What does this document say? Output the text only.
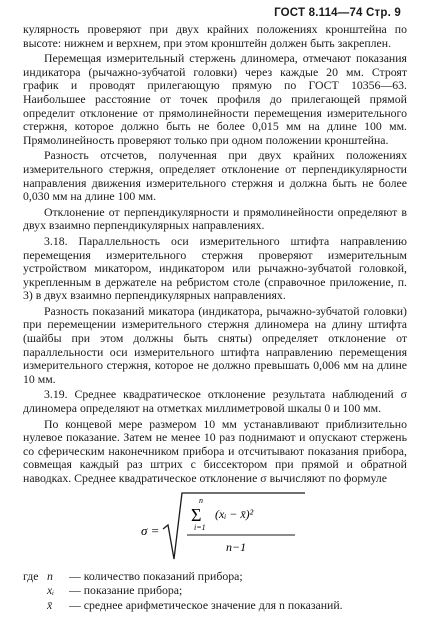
ГОСТ 8.114—74 Стр. 9

кулярность проверяют при двух крайних положениях кронштейна по высоте: нижнем и верхнем, при этом кронштейн должен быть закреплен.

Перемещая измерительный стержень длиномера, отмечают показания индикатора (рычажно-зубчатой головки) через каждые 20 мм. Строят график и проводят прилегающую прямую по ГОСТ 10356—63. Наибольшее расстояние от точек профиля до прилегающей прямой определит отклонение от прямолинейности перемещения измерительного стержня, которое должно быть не более 0,015 мм на длине 100 мм. Прямолинейность проверяют только при одном положении кронштейна.

Разность отсчетов, полученная при двух крайних положениях измерительного стержня, определяет отклонение от перпендикулярности направления движения измерительного стержня и должна быть не более 0,030 мм на длине 100 мм.

Отклонение от перпендикулярности и прямолинейности определяют в двух взаимно перпендикулярных направлениях.

3.18. Параллельность оси измерительного штифта направлению перемещения измерительного стержня проверяют измерительным устройством микатором, индикатором или рычажно-зубчатой головкой, укрепленным в держателе на ребристом столе (справочное приложение, п. 3) в двух взаимно перпендикулярных направлениях.

Разность показаний микатора (индикатора, рычажно-зубчатой головки) при перемещении измерительного стержня длиномера на длину штифта (шайбы при этом должны быть сняты) определяет отклонение от параллельности оси измерительного штифта направлению перемещения измерительного стержня, которое не должно превышать 0,006 мм на длине 10 мм.

3.19. Среднее квадратическое отклонение результата наблюдений σ длиномера определяют на отметках миллиметровой шкалы 0 и 100 мм.

По концевой мере размером 10 мм устанавливают приблизительно нулевое показание. Затем не менее 10 раз поднимают и опускают стержень со сферическим наконечником прибора и отсчитывают показания прибора, совмещая каждый раз штрих с биссектором при прямой и обратной наводках. Среднее квадратическое отклонение σ вычисляют по формуле

σ =
n
Σ
i=1
(xᵢ − x̄)²
n−1
где n	— количество показаний прибора;
xᵢ	— показание прибора;
x̄	— среднее арифметическое значение для n показаний.
